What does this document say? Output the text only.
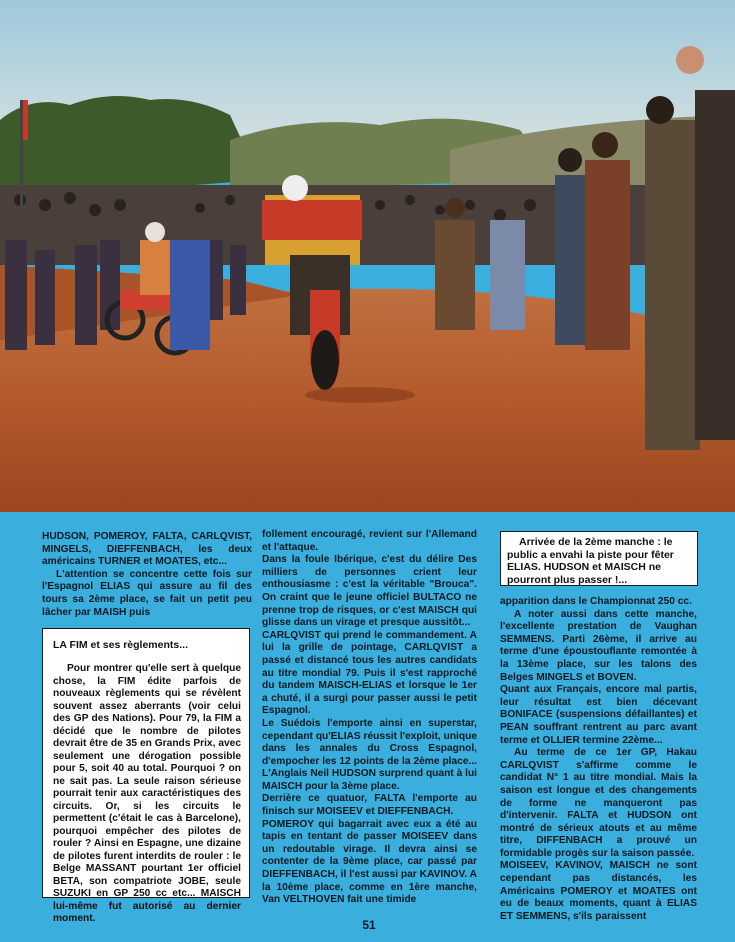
HUDSON, POMEROY, FALTA, CARLQVIST, MINGELS, DIEFFENBACH, les deux américains TURNER et MOATES, etc...

L'attention se concentre cette fois sur l'Espagnol ELIAS qui assure au fil des tours sa 2ème place, se fait un petit peu lâcher par MAISH puis

LA FIM et ses règlements...

Pour montrer qu'elle sert à quelque chose, la FIM édite parfois de nouveaux règlements qui se révèlent souvent assez aberrants (voir celui des GP des Nations). Pour 79, la FIM a décidé que le nombre de pilotes devrait être de 35 en Grands Prix, avec seulement une dérogation possible pour 5, soit 40 au total. Pourquoi ? on ne sait pas. La seule raison sérieuse pourrait tenir aux caractéristiques des circuits. Or, si les circuits le permettent (c'était le cas à Barcelone), pourquoi empêcher des pilotes de rouler ? Ainsi en Espagne, une dizaine de pilotes furent interdits de rouler : le Belge MASSANT pourtant 1er officiel BETA, son compatriote JOBE, seule SUZUKI en GP 250 cc etc... MAISCH lui-même fut autorisé au dernier moment.

follement encouragé, revient sur l'Allemand et l'attaque.

Dans la foule Ibérique, c'est du délire Des milliers de personnes crient leur enthousiasme : c'est la véritable "Brouca". On craint que le jeune officiel BULTACO ne prenne trop de risques, or c'est MAISCH qui glisse dans un virage et presque aussitôt...

CARLQVIST qui prend le commandement. A lui la grille de pointage, CARLQVIST a passé et distancé tous les autres candidats au titre mondial 79. Puis il s'est rapproché du tandem MAISCH-ELIAS et lorsque le 1er a chuté, il a surgi pour passer aussi le petit Espagnol.

Le Suédois l'emporte ainsi en superstar, cependant qu'ELIAS réussit l'exploit, unique dans les annales du Cross Espagnol, d'empocher les 12 points de la 2ème place... L'Anglais Neil HUDSON surprend quant à lui MAISCH pour la 3ème place.

Derrière ce quatuor, FALTA l'emporte au finisch sur MOISEEV et DIEFFENBACH.

POMEROY qui bagarrait avec eux a été au tapis en tentant de passer MOISEEV dans un redoutable virage. Il devra ainsi se contenter de la 9ème place, car passé par DIEFFENBACH, il l'est aussi par KAVINOV. A la 10ème place, comme en 1ère manche, Van VELTHOVEN fait une timide

Arrivée de la 2ème manche : le public a envahi la piste pour fêter ELIAS. HUDSON et MAISCH ne pourront plus passer !...

apparition dans le Championnat 250 cc.

A noter aussi dans cette manche, l'excellente prestation de Vaughan SEMMENS. Parti 26ème, il arrive au terme d'une époustouflante remontée à la 13ème place, sur les talons des Belges MINGELS et BOVEN.

Quant aux Français, encore mal partis, leur résultat est bien décevant BONIFACE (suspensions défaillantes) et PEAN souffrant rentrent au parc avant terme et OLLIER termine 22ème...

Au terme de ce 1er GP, Hakau CARLQVIST s'affirme comme le candidat N° 1 au titre mondial. Mais la saison est longue et des changements de forme ne manqueront pas d'intervenir. FALTA et HUDSON ont montré de sérieux atouts et au même titre, DIFFENBACH a prouvé un formidable progès sur la saison passée.

MOISEEV, KAVINOV, MAISCH ne sont cependant pas distancés, les Américains POMEROY et MOATES ont eu de beaux moments, quant à ELIAS ET SEMMENS, s'ils paraissent

51
